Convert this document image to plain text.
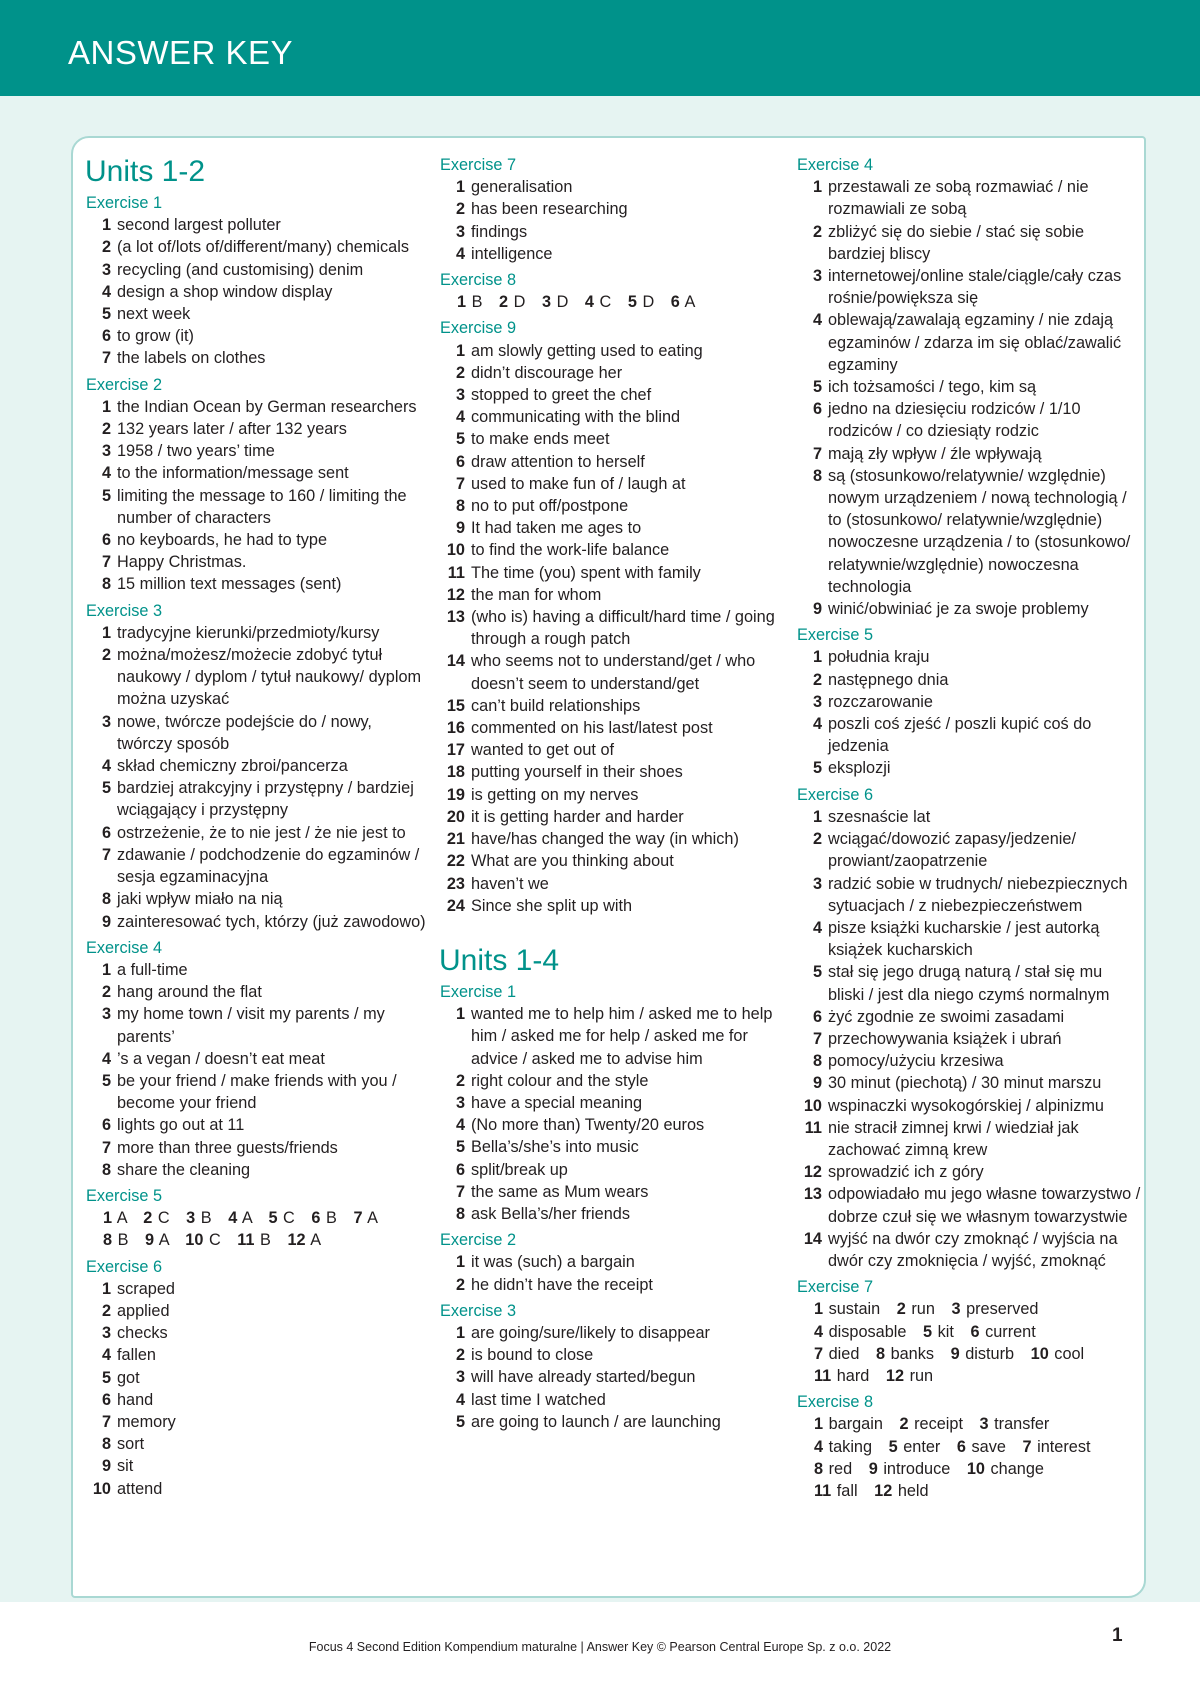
ANSWER KEY
Units 1-2
Exercise 1
1 second largest polluter
2 (a lot of/lots of/different/many) chemicals
3 recycling (and customising) denim
4 design a shop window display
5 next week
6 to grow (it)
7 the labels on clothes
Exercise 2
1 the Indian Ocean by German researchers
2 132 years later / after 132 years
3 1958 / two years’ time
4 to the information/message sent
5 limiting the message to 160 / limiting the number of characters
6 no keyboards, he had to type
7 Happy Christmas.
8 15 million text messages (sent)
Exercise 3
1 tradycyjne kierunki/przedmioty/kursy
2 można/możesz/możecie zdobyć tytuł naukowy / dyplom / tytuł naukowy/ dyplom można uzyskać
3 nowe, twórcze podejście do / nowy, twórczy sposób
4 skład chemiczny zbroi/pancerza
5 bardziej atrakcyjny i przystępny / bardziej wciągający i przystępny
6 ostrzeżenie, że to nie jest / że nie jest to
7 zdawanie / podchodzenie do egzaminów / sesja egzaminacyjna
8 jaki wpływ miało na nią
9 zainteresować tych, którzy (już zawodowo)
Exercise 4
1 a full-time
2 hang around the flat
3 my home town / visit my parents / my parents’
4 ’s a vegan / doesn’t eat meat
5 be your friend / make friends with you / become your friend
6 lights go out at 11
7 more than three guests/friends
8 share the cleaning
Exercise 5
1 A 2 C 3 B 4 A 5 C 6 B 7 A
8 B 9 A 10 C 11 B 12 A
Exercise 6
1 scraped
2 applied
3 checks
4 fallen
5 got
6 hand
7 memory
8 sort
9 sit
10 attend
Exercise 7
1 generalisation
2 has been researching
3 findings
4 intelligence
Exercise 8
1 B 2 D 3 D 4 C 5 D 6 A
Exercise 9
1 am slowly getting used to eating
2 didn’t discourage her
3 stopped to greet the chef
4 communicating with the blind
5 to make ends meet
6 draw attention to herself
7 used to make fun of / laugh at
8 no to put off/postpone
9 It had taken me ages to
10 to find the work-life balance
11 The time (you) spent with family
12 the man for whom
13 (who is) having a difficult/hard time / going through a rough patch
14 who seems not to understand/get / who doesn’t seem to understand/get
15 can’t build relationships
16 commented on his last/latest post
17 wanted to get out of
18 putting yourself in their shoes
19 is getting on my nerves
20 it is getting harder and harder
21 have/has changed the way (in which)
22 What are you thinking about
23 haven’t we
24 Since she split up with
Units 1-4
Exercise 1
1 wanted me to help him / asked me to help him / asked me for help / asked me for advice / asked me to advise him
2 right colour and the style
3 have a special meaning
4 (No more than) Twenty/20 euros
5 Bella’s/she’s into music
6 split/break up
7 the same as Mum wears
8 ask Bella’s/her friends
Exercise 2
1 it was (such) a bargain
2 he didn’t have the receipt
Exercise 3
1 are going/sure/likely to disappear
2 is bound to close
3 will have already started/begun
4 last time I watched
5 are going to launch / are launching
Exercise 4
1 przestawali ze sobą rozmawiać / nie rozmawiali ze sobą
2 zbliżyć się do siebie / stać się sobie bardziej bliscy
3 internetowej/online stale/ciągle/cały czas rośnie/powiększa się
4 oblewają/zawalają egzaminy / nie zdają egzaminów / zdarza im się oblać/zawalić egzaminy
5 ich tożsamości / tego, kim są
6 jedno na dziesięciu rodziców / 1/10 rodziców / co dziesiąty rodzic
7 mają zły wpływ / źle wpływają
8 są (stosunkowo/relatywnie/ względnie) nowym urządzeniem / nową technologią / to (stosunkowo/ relatywnie/względnie) nowoczesne urządzenia / to (stosunkowo/ relatywnie/względnie) nowoczesna technologia
9 winić/obwiniać je za swoje problemy
Exercise 5
1 południa kraju
2 następnego dnia
3 rozczarowanie
4 poszli coś zjeść / poszli kupić coś do jedzenia
5 eksplozji
Exercise 6
1 szesnaście lat
2 wciągać/dowozić zapasy/jedzenie/ prowiant/zaopatrzenie
3 radzić sobie w trudnych/ niebezpiecznych sytuacjach / z niebezpieczeństwem
4 pisze książki kucharskie / jest autorką książek kucharskich
5 stał się jego drugą naturą / stał się mu bliski / jest dla niego czymś normalnym
6 żyć zgodnie ze swoimi zasadami
7 przechowywania książek i ubrań
8 pomocy/użyciu krzesiwa
9 30 minut (piechotą) / 30 minut marszu
10 wspinaczki wysokogórskiej / alpinizmu
11 nie stracił zimnej krwi / wiedział jak zachować zimną krew
12 sprowadzić ich z góry
13 odpowiadało mu jego własne towarzystwo / dobrze czuł się we własnym towarzystwie
14 wyjść na dwór czy zmoknąć / wyjścia na dwór czy zmoknięcia / wyjść, zmoknąć
Exercise 7
1 sustain 2 run 3 preserved
4 disposable 5 kit 6 current
7 died 8 banks 9 disturb 10 cool
11 hard 12 run
Exercise 8
1 bargain 2 receipt 3 transfer
4 taking 5 enter 6 save 7 interest
8 red 9 introduce 10 change
11 fall 12 held
Focus 4 Second Edition Kompendium maturalne | Answer Key © Pearson Central Europe Sp. z o.o. 2022
1
